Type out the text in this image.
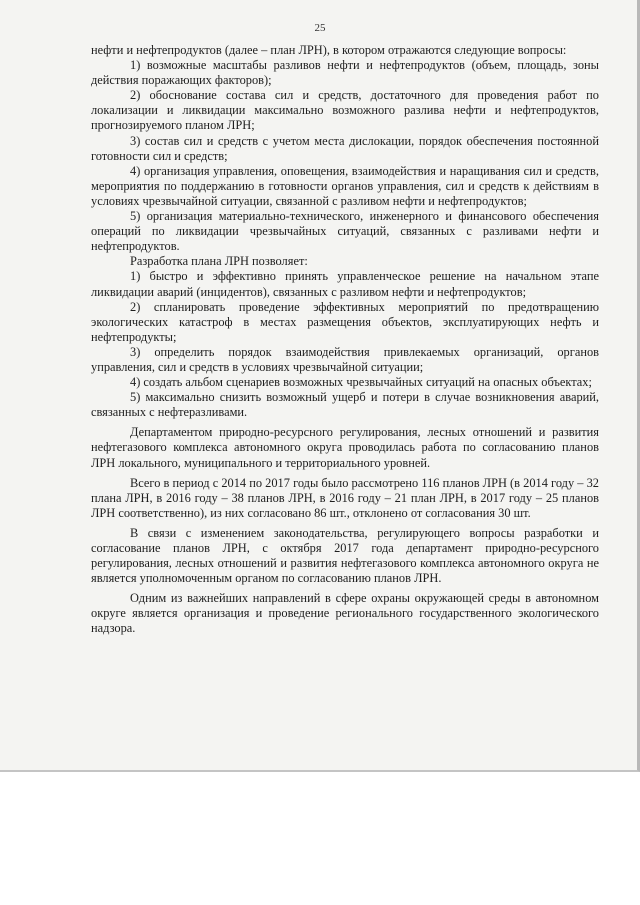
25

нефти и нефтепродуктов (далее – план ЛРН), в котором отражаются следующие вопросы:

1) возможные масштабы разливов нефти и нефтепродуктов (объем, площадь, зоны действия поражающих факторов);

2) обоснование состава сил и средств, достаточного для проведения работ по локализации и ликвидации максимально возможного разлива нефти и нефтепродуктов, прогнозируемого планом ЛРН;

3) состав сил и средств с учетом места дислокации, порядок обеспечения постоянной готовности сил и средств;

4) организация управления, оповещения, взаимодействия и наращивания сил и средств, мероприятия по поддержанию в готовности органов управления, сил и средств к действиям в условиях чрезвычайной ситуации, связанной с разливом нефти и нефтепродуктов;

5) организация материально-технического, инженерного и финансового обеспечения операций по ликвидации чрезвычайных ситуаций, связанных с разливами нефти и нефтепродуктов.

Разработка плана ЛРН позволяет:

1) быстро и эффективно принять управленческое решение на начальном этапе ликвидации аварий (инцидентов), связанных с разливом нефти и нефтепродуктов;

2) спланировать проведение эффективных мероприятий по предотвращению экологических катастроф в местах размещения объектов, эксплуатирующих нефть и нефтепродукты;

3) определить порядок взаимодействия привлекаемых организаций, органов управления, сил и средств в условиях чрезвычайной ситуации;

4) создать альбом сценариев возможных чрезвычайных ситуаций на опасных объектах;

5) максимально снизить возможный ущерб и потери в случае возникновения аварий, связанных с нефтеразливами.

Департаментом природно-ресурсного регулирования, лесных отношений и развития нефтегазового комплекса автономного округа проводилась работа по согласованию планов ЛРН локального, муниципального и территориального уровней.

Всего в период с 2014 по 2017 годы было рассмотрено 116 планов ЛРН (в 2014 году – 32 плана ЛРН, в 2016 году – 38 планов ЛРН, в 2016 году – 21 план ЛРН, в 2017 году – 25 планов ЛРН соответственно), из них согласовано 86 шт., отклонено от согласования 30 шт.

В связи с изменением законодательства, регулирующего вопросы разработки и согласование планов ЛРН, с октября 2017 года департамент природно-ресурсного регулирования, лесных отношений и развития нефтегазового комплекса автономного округа не является уполномоченным органом по согласованию планов ЛРН.

Одним из важнейших направлений в сфере охраны окружающей среды в автономном округе является организация и проведение регионального государственного экологического надзора.
